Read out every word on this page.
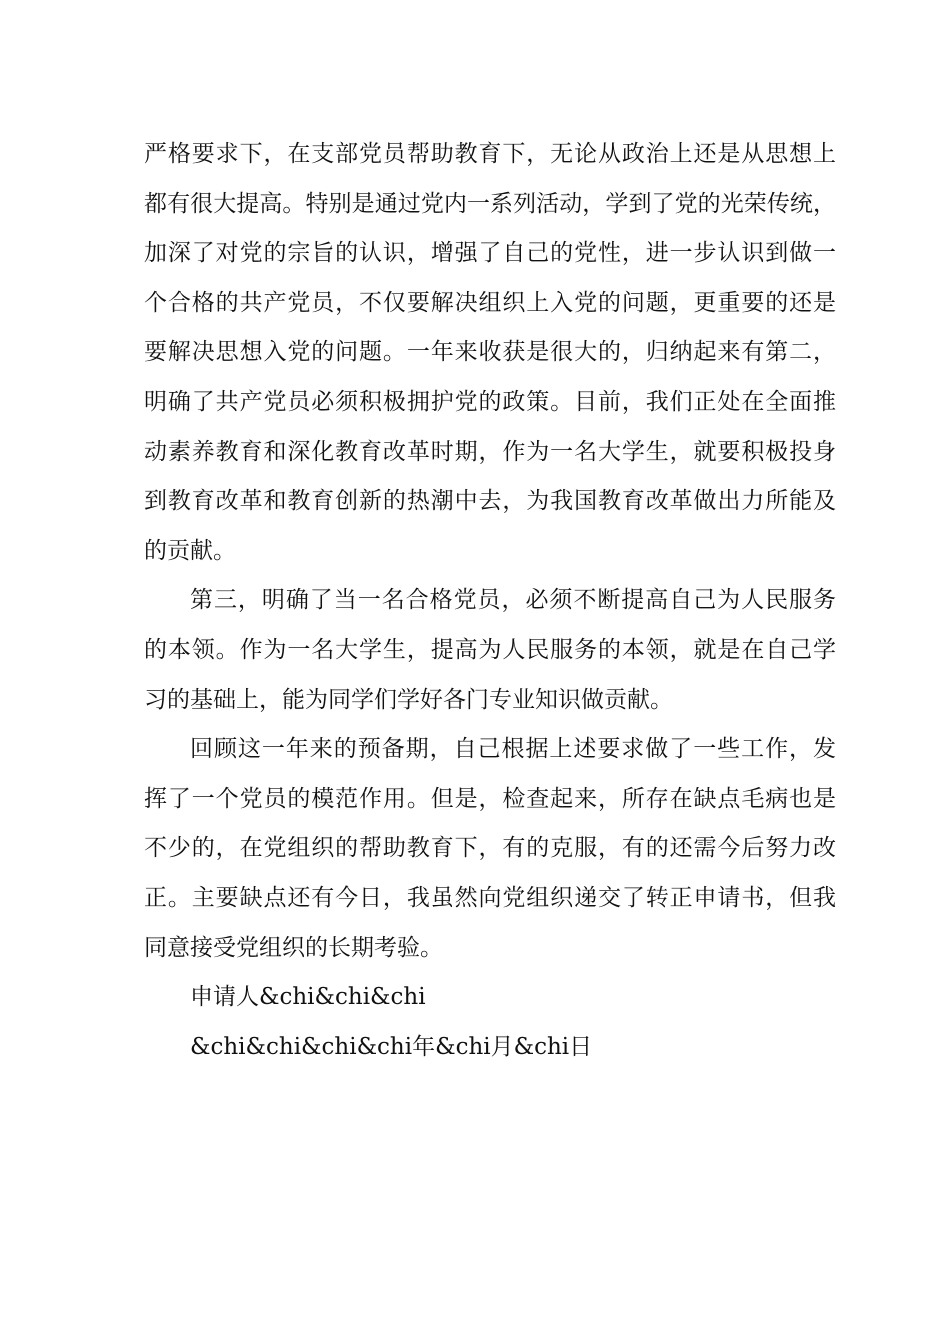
严格要求下，在支部党员帮助教育下，无论从政治上还是从思想上
都有很大提高。特别是通过党内一系列活动，学到了党的光荣传统，
加深了对党的宗旨的认识，增强了自己的党性，进一步认识到做一
个合格的共产党员，不仅要解决组织上入党的问题，更重要的还是
要解决思想入党的问题。一年来收获是很大的，归纳起来有第二，
明确了共产党员必须积极拥护党的政策。目前，我们正处在全面推
动素养教育和深化教育改革时期，作为一名大学生，就要积极投身
到教育改革和教育创新的热潮中去，为我国教育改革做出力所能及
的贡献。
第三，明确了当一名合格党员，必须不断提高自己为人民服务
的本领。作为一名大学生，提高为人民服务的本领，就是在自己学
习的基础上，能为同学们学好各门专业知识做贡献。
回顾这一年来的预备期，自己根据上述要求做了一些工作，发
挥了一个党员的模范作用。但是，检查起来，所存在缺点毛病也是
不少的，在党组织的帮助教育下，有的克服，有的还需今后努力改
正。主要缺点还有今日，我虽然向党组织递交了转正申请书，但我
同意接受党组织的长期考验。
申请人&chi&chi&chi
&chi&chi&chi&chi年&chi月&chi日
